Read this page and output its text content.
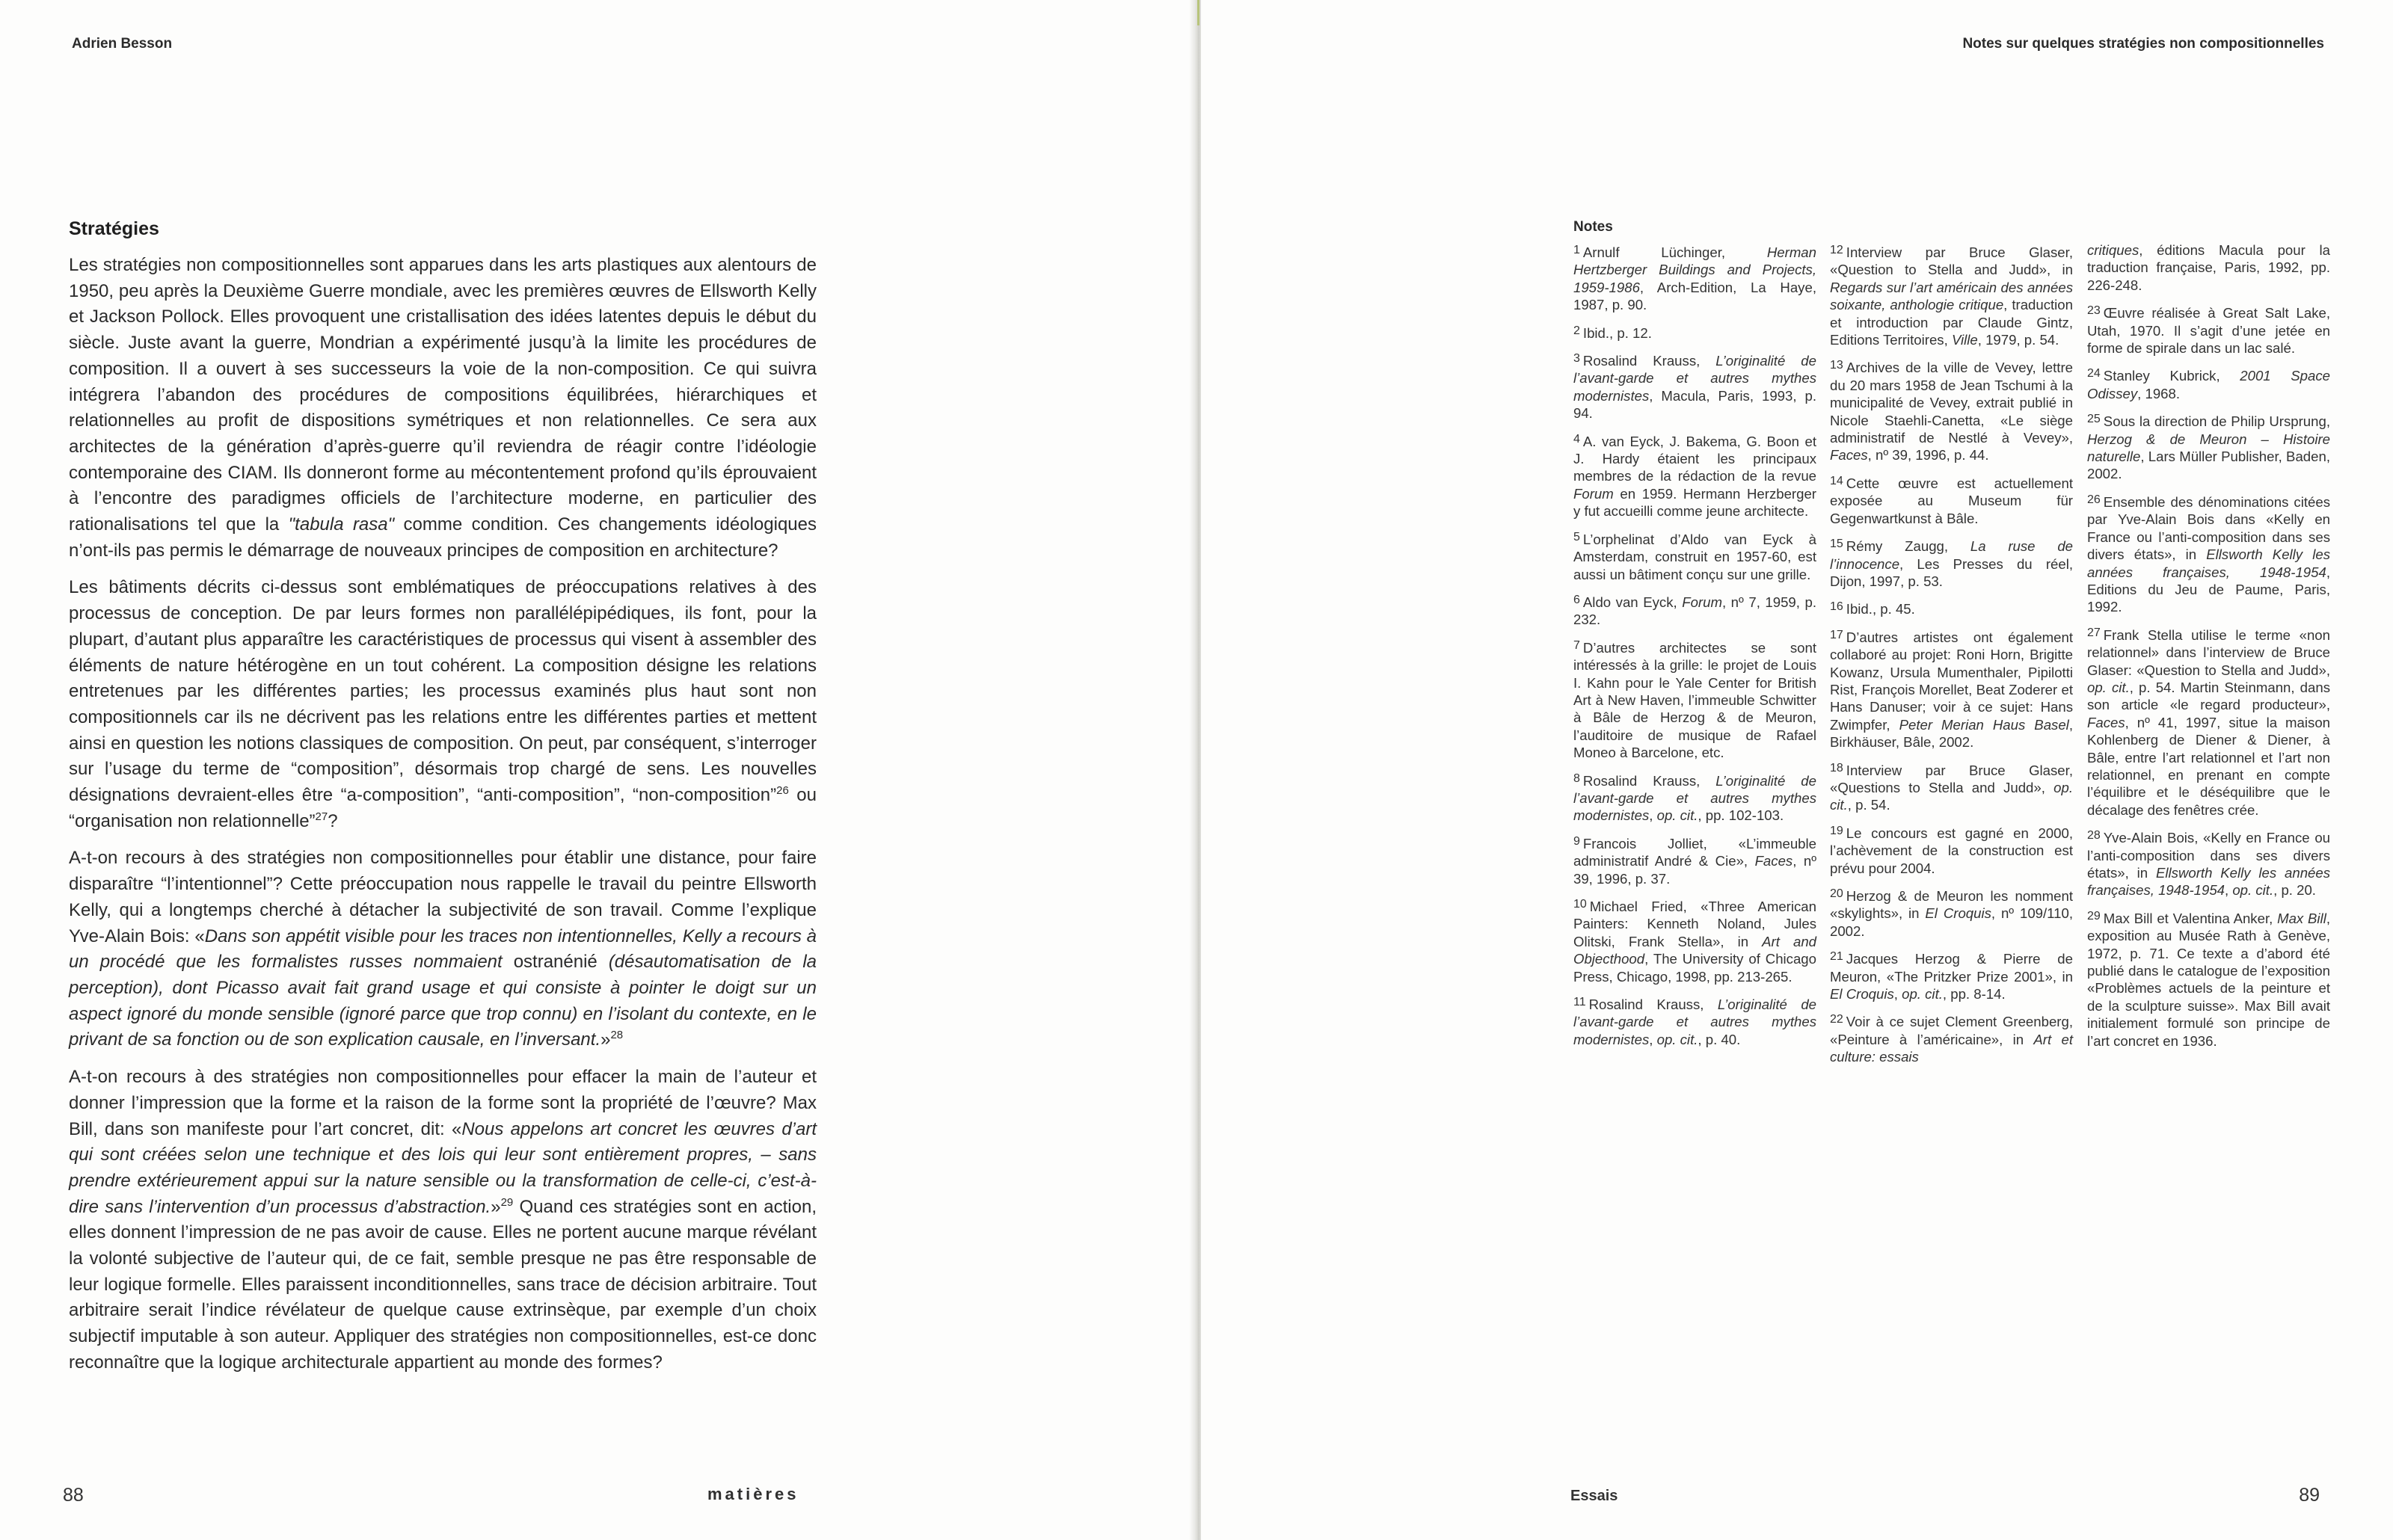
Adrien Besson
Stratégies

Les stratégies non compositionnelles sont apparues dans les arts plastiques aux alentours de 1950, peu après la Deuxième Guerre mondiale, avec les premières œuvres de Ellsworth Kelly et Jackson Pollock. Elles provoquent une cristallisation des idées latentes depuis le début du siècle. Juste avant la guerre, Mondrian a expérimenté jusqu’à la limite les procédures de composition. Il a ouvert à ses successeurs la voie de la non-composition. Ce qui suivra intégrera l’abandon des procédures de compositions équilibrées, hiérarchiques et relationnelles au profit de dispositions symétriques et non relationnelles. Ce sera aux architectes de la génération d’après-guerre qu’il reviendra de réagir contre l’idéologie contemporaine des CIAM. Ils donneront forme au mécontentement profond qu’ils éprouvaient à l’encontre des paradigmes officiels de l’architecture moderne, en particulier des rationalisations tel que la "tabula rasa" comme condition. Ces changements idéologiques n’ont-ils pas permis le démarrage de nouveaux principes de composition en architecture?

Les bâtiments décrits ci-dessus sont emblématiques de préoccupations relatives à des processus de conception. De par leurs formes non parallélépipédiques, ils font, pour la plupart, d’autant plus apparaître les caractéristiques de processus qui visent à assembler des éléments de nature hétérogène en un tout cohérent. La composition désigne les relations entretenues par les différentes parties; les processus examinés plus haut sont non compositionnels car ils ne décrivent pas les relations entre les différentes parties et mettent ainsi en question les notions classiques de composition. On peut, par conséquent, s’interroger sur l’usage du terme de “composition”, désormais trop chargé de sens. Les nouvelles désignations devraient-elles être “a-composition”, “anti-composition”, “non-composition”$^{26}$ ou “organisation non relationnelle”$^{27}$?

A-t-on recours à des stratégies non compositionnelles pour établir une distance, pour faire disparaître “l’intentionnel”? Cette préoccupation nous rappelle le travail du peintre Ellsworth Kelly, qui a longtemps cherché à détacher la subjectivité de son travail. Comme l’explique Yve-Alain Bois: «Dans son appétit visible pour les traces non intentionnelles, Kelly a recours à un procédé que les formalistes russes nommaient ostranénié (désautomatisation de la perception), dont Picasso avait fait grand usage et qui consiste à pointer le doigt sur un aspect ignoré du monde sensible (ignoré parce que trop connu) en l’isolant du contexte, en le privant de sa fonction ou de son explication causale, en l’inversant.»$^{28}$

A-t-on recours à des stratégies non compositionnelles pour effacer la main de l’auteur et donner l’impression que la forme et la raison de la forme sont la propriété de l’œuvre? Max Bill, dans son manifeste pour l’art concret, dit: «Nous appelons art concret les œuvres d’art qui sont créées selon une technique et des lois qui leur sont entièrement propres, – sans prendre extérieurement appui sur la nature sensible ou la transformation de celle-ci, c’est-à-dire sans l’intervention d’un processus d’abstraction.»$^{29}$ Quand ces stratégies sont en action, elles donnent l’impression de ne pas avoir de cause. Elles ne portent aucune marque révélant la volonté subjective de l’auteur qui, de ce fait, semble presque ne pas être responsable de leur logique formelle. Elles paraissent inconditionnelles, sans trace de décision arbitraire. Tout arbitraire serait l’indice révélateur de quelque cause extrinsèque, par exemple d’un choix subjectif imputable à son auteur. Appliquer des stratégies non compositionnelles, est-ce donc reconnaître que la logique architecturale appartient au monde des formes?

88	matières
Notes sur quelques stratégies non compositionnelles
Notes

1 Arnulf Lüchinger, Herman Hertzberger Buildings and Projects, 1959-1986, Arch-Edition, La Haye, 1987, p. 90.

2 Ibid., p. 12.

3 Rosalind Krauss, L’originalité de l’avant-garde et autres mythes modernistes, Macula, Paris, 1993, p. 94.

4 A. van Eyck, J. Bakema, G. Boon et J. Hardy étaient les principaux membres de la rédaction de la revue Forum en 1959. Hermann Herzberger y fut accueilli comme jeune architecte.

5 L’orphelinat d’Aldo van Eyck à Amsterdam, construit en 1957-60, est aussi un bâtiment conçu sur une grille.

6 Aldo van Eyck, Forum, nº 7, 1959, p. 232.

7 D’autres architectes se sont intéressés à la grille: le projet de Louis I. Kahn pour le Yale Center for British Art à New Haven, l’immeuble Schwitter à Bâle de Herzog & de Meuron, l’auditoire de musique de Rafael Moneo à Barcelone, etc.

8 Rosalind Krauss, L’originalité de l’avant-garde et autres mythes modernistes, op. cit., pp. 102-103.

9 Francois Jolliet, «L’immeuble administratif André & Cie», Faces, nº 39, 1996, p. 37.

10 Michael Fried, «Three American Painters: Kenneth Noland, Jules Olitski, Frank Stella», in Art and Objecthood, The University of Chicago Press, Chicago, 1998, pp. 213-265.

11 Rosalind Krauss, L’originalité de l’avant-garde et autres mythes modernistes, op. cit., p. 40.

12 Interview par Bruce Glaser, «Question to Stella and Judd», in Regards sur l’art américain des années soixante, anthologie critique, traduction et introduction par Claude Gintz, Editions Territoires, Ville, 1979, p. 54.

13 Archives de la ville de Vevey, lettre du 20 mars 1958 de Jean Tschumi à la municipalité de Vevey, extrait publié in Nicole Staehli-Canetta, «Le siège administratif de Nestlé à Vevey», Faces, nº 39, 1996, p. 44.

14 Cette œuvre est actuellement exposée au Museum für Gegenwartkunst à Bâle.

15 Rémy Zaugg, La ruse de l’innocence, Les Presses du réel, Dijon, 1997, p. 53.

16 Ibid., p. 45.

17 D’autres artistes ont également collaboré au projet: Roni Horn, Brigitte Kowanz, Ursula Mumenthaler, Pipilotti Rist, François Morellet, Beat Zoderer et Hans Danuser; voir à ce sujet: Hans Zwimpfer, Peter Merian Haus Basel, Birkhäuser, Bâle, 2002.

18 Interview par Bruce Glaser, «Questions to Stella and Judd», op. cit., p. 54.

19 Le concours est gagné en 2000, l’achèvement de la construction est prévu pour 2004.

20 Herzog & de Meuron les nomment «skylights», in El Croquis, nº 109/110, 2002.

21 Jacques Herzog & Pierre de Meuron, «The Pritzker Prize 2001», in El Croquis, op. cit., pp. 8-14.

22 Voir à ce sujet Clement Greenberg, «Peinture à l’américaine», in Art et culture: essais

critiques, éditions Macula pour la traduction française, Paris, 1992, pp. 226-248.

23 Œuvre réalisée à Great Salt Lake, Utah, 1970. Il s’agit d’une jetée en forme de spirale dans un lac salé.

24 Stanley Kubrick, 2001 Space Odissey, 1968.

25 Sous la direction de Philip Ursprung, Herzog & de Meuron – Histoire naturelle, Lars Müller Publisher, Baden, 2002.

26 Ensemble des dénominations citées par Yve-Alain Bois dans «Kelly en France ou l’anti-composition dans ses divers états», in Ellsworth Kelly les années françaises, 1948-1954, Editions du Jeu de Paume, Paris, 1992.

27 Frank Stella utilise le terme «non relationnel» dans l’interview de Bruce Glaser: «Question to Stella and Judd», op. cit., p. 54. Martin Steinmann, dans son article «le regard producteur», Faces, nº 41, 1997, situe la maison Kohlenberg de Diener & Diener, à Bâle, entre l’art relationnel et l’art non relationnel, en prenant en compte l’équilibre et le déséquilibre que le décalage des fenêtres crée.

28 Yve-Alain Bois, «Kelly en France ou l’anti-composition dans ses divers états», in Ellsworth Kelly les années françaises, 1948-1954, op. cit., p. 20.

29 Max Bill et Valentina Anker, Max Bill, exposition au Musée Rath à Genève, 1972, p. 71. Ce texte a d’abord été publié dans le catalogue de l’exposition «Problèmes actuels de la peinture et de la sculpture suisse». Max Bill avait initialement formulé son principe de l’art concret en 1936.

Essais	89
